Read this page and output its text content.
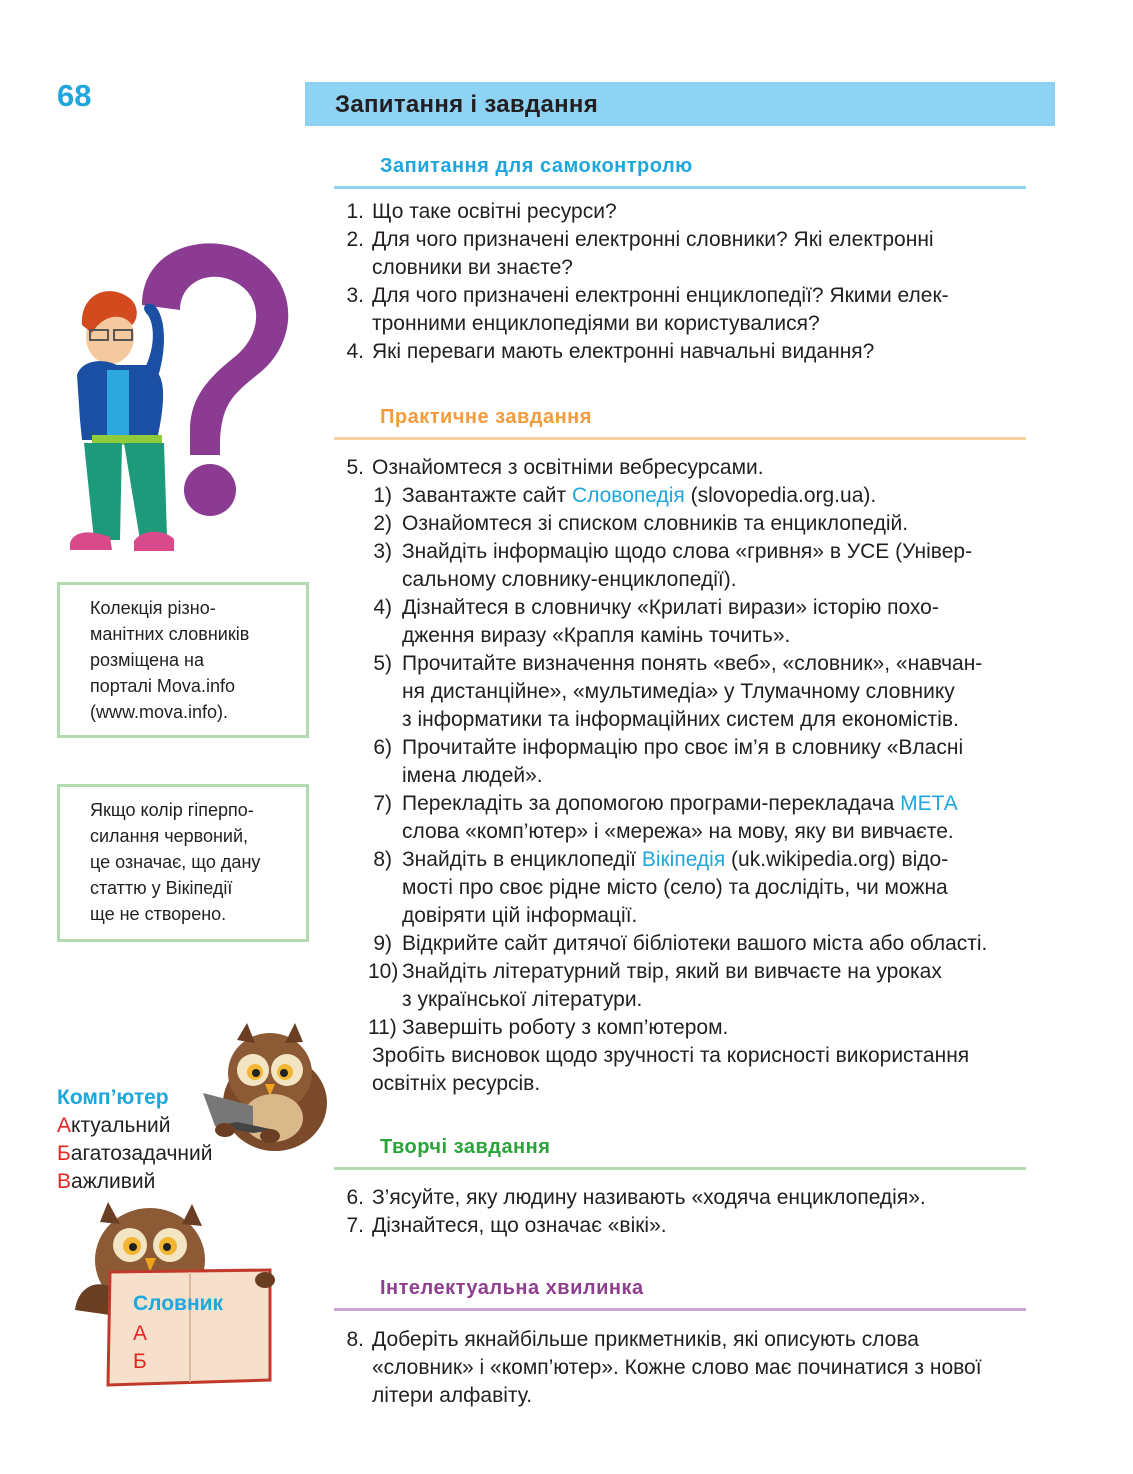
68	Запитання і завдання
Запитання для самоконтролю
1. Що таке освітні ресурси?
2. Для чого призначені електронні словники? Які електронні
словники ви знаєте?
3. Для чого призначені електронні енциклопедії? Якими елек-
тронними енциклопедіями ви користувалися?
4. Які переваги мають електронні навчальні видання?
Практичне завдання
5. Ознайомтеся з освітніми вебресурсами.
1) Завантажте сайт Словопедія (slovopedia.org.ua).
2) Ознайомтеся зі списком словників та енциклопедій.
3) Знайдіть інформацію щодо слова «гривня» в УСЕ (Універ-
сальному словнику-енциклопедії).
4) Дізнайтеся в словничку «Крилаті вирази» історію похо-
дження виразу «Крапля камінь точить».
5) Прочитайте визначення понять «веб», «словник», «навчан-
ня дистанційне», «мультимедіа» у Тлумачному словнику
з інформатики та інформаційних систем для економістів.
6) Прочитайте інформацію про своє ім’я в словнику «Власні
імена людей».
7) Перекладіть за допомогою програми-перекладача МЕТА
слова «комп’ютер» і «мережа» на мову, яку ви вивчаєте.
8) Знайдіть в енциклопедії Вікіпедія (uk.wikipedia.org) відо-
мості про своє рідне місто (село) та дослідіть, чи можна
довіряти цій інформації.
9) Відкрийте сайт дитячої бібліотеки вашого міста або області.
10) Знайдіть літературний твір, який ви вивчаєте на уроках
з української літератури.
11) Завершіть роботу з комп’ютером.
Зробіть висновок щодо зручності та корисності використання
освітніх ресурсів.
Творчі завдання
6. З’ясуйте, яку людину називають «ходяча енциклопедія».
7. Дізнайтеся, що означає «вікі».
Інтелектуальна хвилинка
8. Доберіть якнайбільше прикметників, які описують слова
«словник» і «комп’ютер». Кожне слово має починатися з нової
літери алфавіту.
Колекція різно-
манітних словників
розміщена на
порталі Mova.info
(www.mova.info).
Якщо колір гіперпо-
силання червоний,
це означає, що дану
статтю у Вікіпедії
ще не створено.
Комп’ютер
Актуальний
Багатозадачний
Важливий
Словник
А
Б
